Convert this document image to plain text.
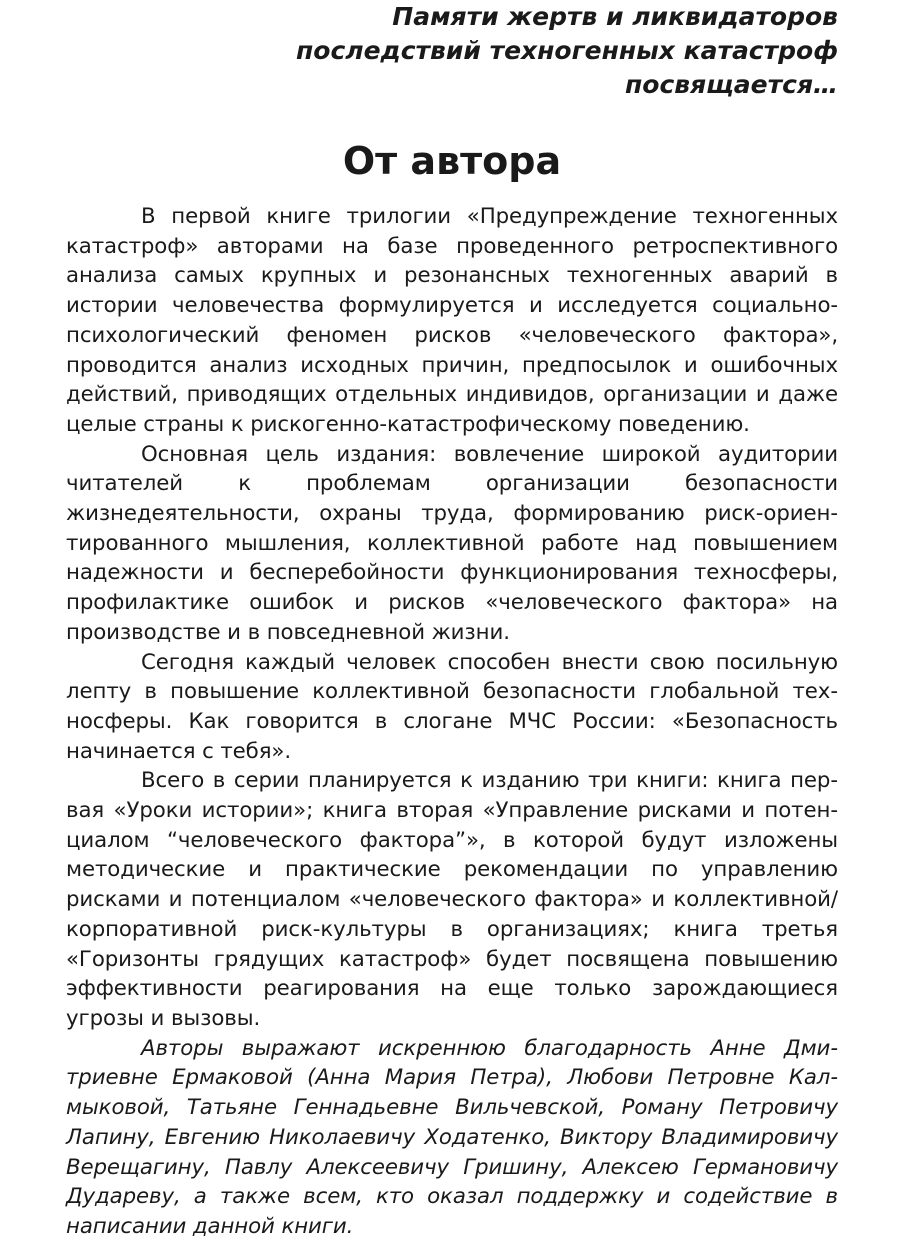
Памяти жертв и ликвидаторов
последствий техногенных катастроф
посвящается…

От автора

В первой книге трилогии «Предупреждение техногенных катастроф» авторами на базе проведенного ретроспективного анализа самых крупных и резонансных техногенных аварий в истории человечества формулируется и исследуется социально-психологический феномен рисков «человеческого фактора», проводится анализ исходных причин, предпосылок и ошибочных действий, приводящих отдельных индивидов, организации и даже целые страны к рискогенно-катастрофическому поведению.

Основная цель издания: вовлечение широкой аудитории читателей к проблемам организации безопасности жизнедеятельности, охраны труда, формированию риск-ориентированного мышления, коллективной работе над повышением надежности и бесперебойности функционирования техносферы, профилактике ошибок и рисков «человеческого фактора» на производстве и в повседневной жизни.

Сегодня каждый человек способен внести свою посильную лепту в повышение коллективной безопасности глобальной техносферы. Как говорится в слогане МЧС России: «Безопасность начинается с тебя».

Всего в серии планируется к изданию три книги: книга первая «Уроки истории»; книга вторая «Управление рисками и потенциалом “человеческого фактора”», в которой будут изложены методические и практические рекомендации по управлению рисками и потенциалом «человеческого фактора» и коллективной/корпоративной риск-культуры в организациях; книга третья «Горизонты грядущих катастроф» будет посвящена повышению эффективности реагирования на еще только зарождающиеся угрозы и вызовы.

Авторы выражают искреннюю благодарность Анне Дмитриевне Ермаковой (Анна Мария Петра), Любови Петровне Калмыковой, Татьяне Геннадьевне Вильчевской, Роману Петровичу Лапину, Евгению Николаевичу Ходатенко, Виктору Владимировичу Верещагину, Павлу Алексеевичу Гришину, Алексею Германовичу Дудареву, а также всем, кто оказал поддержку и содействие в написании данной книги.
